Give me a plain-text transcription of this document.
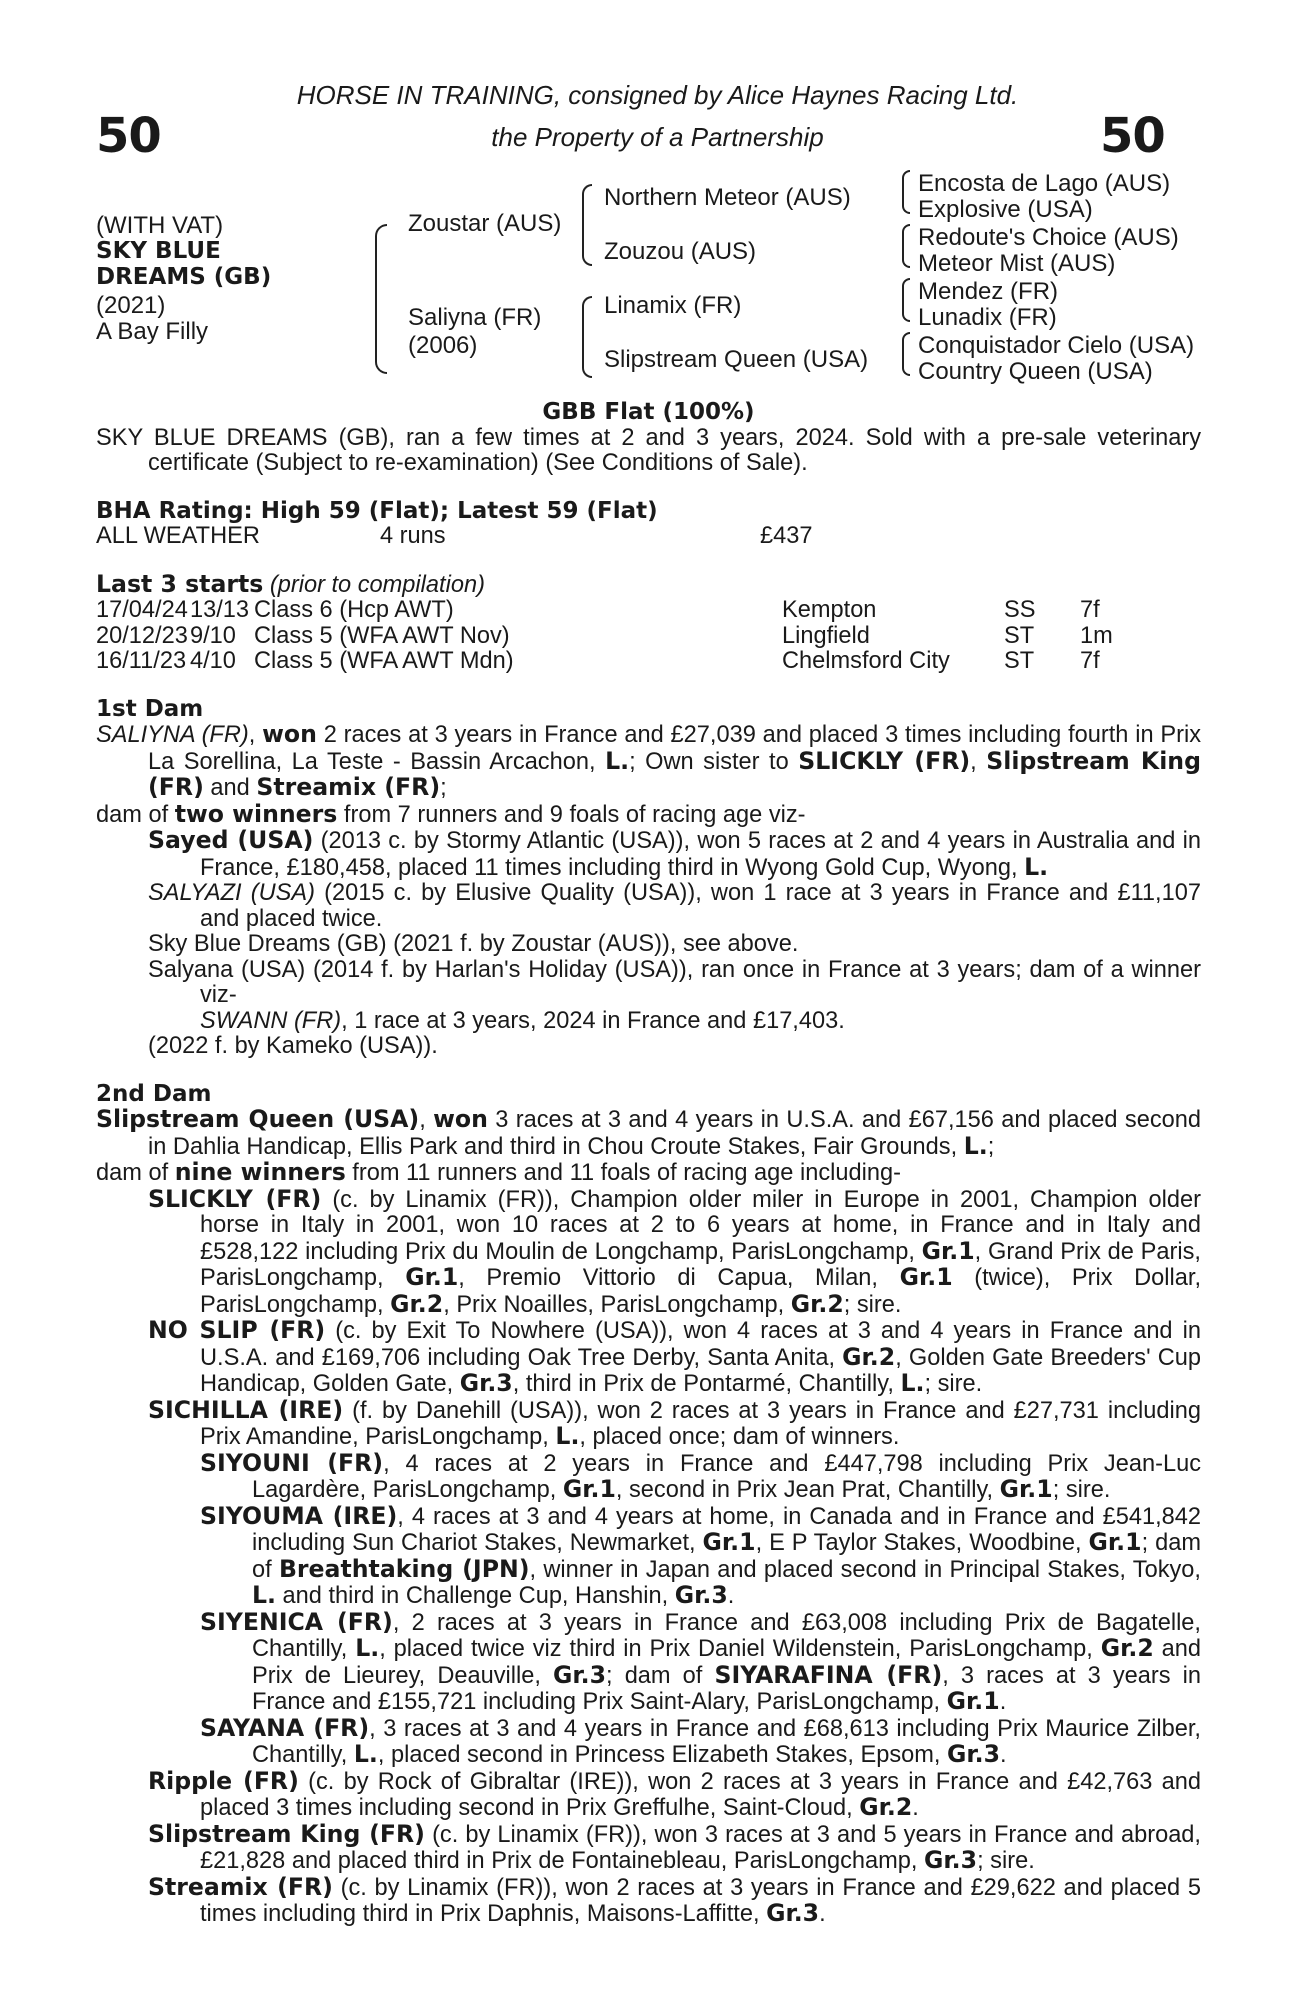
50	50
HORSE IN TRAINING, consigned by Alice Haynes Racing Ltd.
the Property of a Partnership
(WITH VAT)
SKY BLUE
DREAMS (GB)
(2021)
A Bay Filly
Zoustar (AUS)
Saliyna (FR)
(2006)
Northern Meteor (AUS)
Zouzou (AUS)
Linamix (FR)
Slipstream Queen (USA)
Encosta de Lago (AUS)
Explosive (USA)
Redoute's Choice (AUS)
Meteor Mist (AUS)
Mendez (FR)
Lunadix (FR)
Conquistador Cielo (USA)
Country Queen (USA)

GBB Flat (100%)

SKY BLUE DREAMS (GB), ran a few times at 2 and 3 years, 2024. Sold with a pre-sale veterinary certificate (Subject to re-examination) (See Conditions of Sale).

BHA Rating: High 59 (Flat); Latest 59 (Flat)

ALL WEATHER	4 runs	£437

Last 3 starts (prior to compilation)

17/04/24	13/13	Class 6 (Hcp AWT)	Kempton	SS	7f
20/12/23	9/10	Class 5 (WFA AWT Nov)	Lingfield	ST	1m
16/11/23	4/10	Class 5 (WFA AWT Mdn)	Chelmsford City	ST	7f

1st Dam

SALIYNA (FR), won 2 races at 3 years in France and £27,039 and placed 3 times including fourth in Prix La Sorellina, La Teste - Bassin Arcachon, L.; Own sister to SLICKLY (FR), Slipstream King (FR) and Streamix (FR);

dam of two winners from 7 runners and 9 foals of racing age viz-

Sayed (USA) (2013 c. by Stormy Atlantic (USA)), won 5 races at 2 and 4 years in Australia and in France, £180,458, placed 11 times including third in Wyong Gold Cup, Wyong, L.

SALYAZI (USA) (2015 c. by Elusive Quality (USA)), won 1 race at 3 years in France and £11,107 and placed twice.

Sky Blue Dreams (GB) (2021 f. by Zoustar (AUS)), see above.

Salyana (USA) (2014 f. by Harlan's Holiday (USA)), ran once in France at 3 years; dam of a winner viz-

SWANN (FR), 1 race at 3 years, 2024 in France and £17,403.

(2022 f. by Kameko (USA)).

2nd Dam

Slipstream Queen (USA), won 3 races at 3 and 4 years in U.S.A. and £67,156 and placed second in Dahlia Handicap, Ellis Park and third in Chou Croute Stakes, Fair Grounds, L.;

dam of nine winners from 11 runners and 11 foals of racing age including-

SLICKLY (FR) (c. by Linamix (FR)), Champion older miler in Europe in 2001, Champion older horse in Italy in 2001, won 10 races at 2 to 6 years at home, in France and in Italy and £528,122 including Prix du Moulin de Longchamp, ParisLongchamp, Gr.1, Grand Prix de Paris, ParisLongchamp, Gr.1, Premio Vittorio di Capua, Milan, Gr.1 (twice), Prix Dollar, ParisLongchamp, Gr.2, Prix Noailles, ParisLongchamp, Gr.2; sire.

NO SLIP (FR) (c. by Exit To Nowhere (USA)), won 4 races at 3 and 4 years in France and in U.S.A. and £169,706 including Oak Tree Derby, Santa Anita, Gr.2, Golden Gate Breeders' Cup Handicap, Golden Gate, Gr.3, third in Prix de Pontarmé, Chantilly, L.; sire.

SICHILLA (IRE) (f. by Danehill (USA)), won 2 races at 3 years in France and £27,731 including Prix Amandine, ParisLongchamp, L., placed once; dam of winners.

SIYOUNI (FR), 4 races at 2 years in France and £447,798 including Prix Jean-Luc Lagardère, ParisLongchamp, Gr.1, second in Prix Jean Prat, Chantilly, Gr.1; sire.

SIYOUMA (IRE), 4 races at 3 and 4 years at home, in Canada and in France and £541,842 including Sun Chariot Stakes, Newmarket, Gr.1, E P Taylor Stakes, Woodbine, Gr.1; dam of Breathtaking (JPN), winner in Japan and placed second in Principal Stakes, Tokyo, L. and third in Challenge Cup, Hanshin, Gr.3.

SIYENICA (FR), 2 races at 3 years in France and £63,008 including Prix de Bagatelle, Chantilly, L., placed twice viz third in Prix Daniel Wildenstein, ParisLongchamp, Gr.2 and Prix de Lieurey, Deauville, Gr.3; dam of SIYARAFINA (FR), 3 races at 3 years in France and £155,721 including Prix Saint-Alary, ParisLongchamp, Gr.1.

SAYANA (FR), 3 races at 3 and 4 years in France and £68,613 including Prix Maurice Zilber, Chantilly, L., placed second in Princess Elizabeth Stakes, Epsom, Gr.3.

Ripple (FR) (c. by Rock of Gibraltar (IRE)), won 2 races at 3 years in France and £42,763 and placed 3 times including second in Prix Greffulhe, Saint-Cloud, Gr.2.

Slipstream King (FR) (c. by Linamix (FR)), won 3 races at 3 and 5 years in France and abroad, £21,828 and placed third in Prix de Fontainebleau, ParisLongchamp, Gr.3; sire.

Streamix (FR) (c. by Linamix (FR)), won 2 races at 3 years in France and £29,622 and placed 5 times including third in Prix Daphnis, Maisons-Laffitte, Gr.3.
